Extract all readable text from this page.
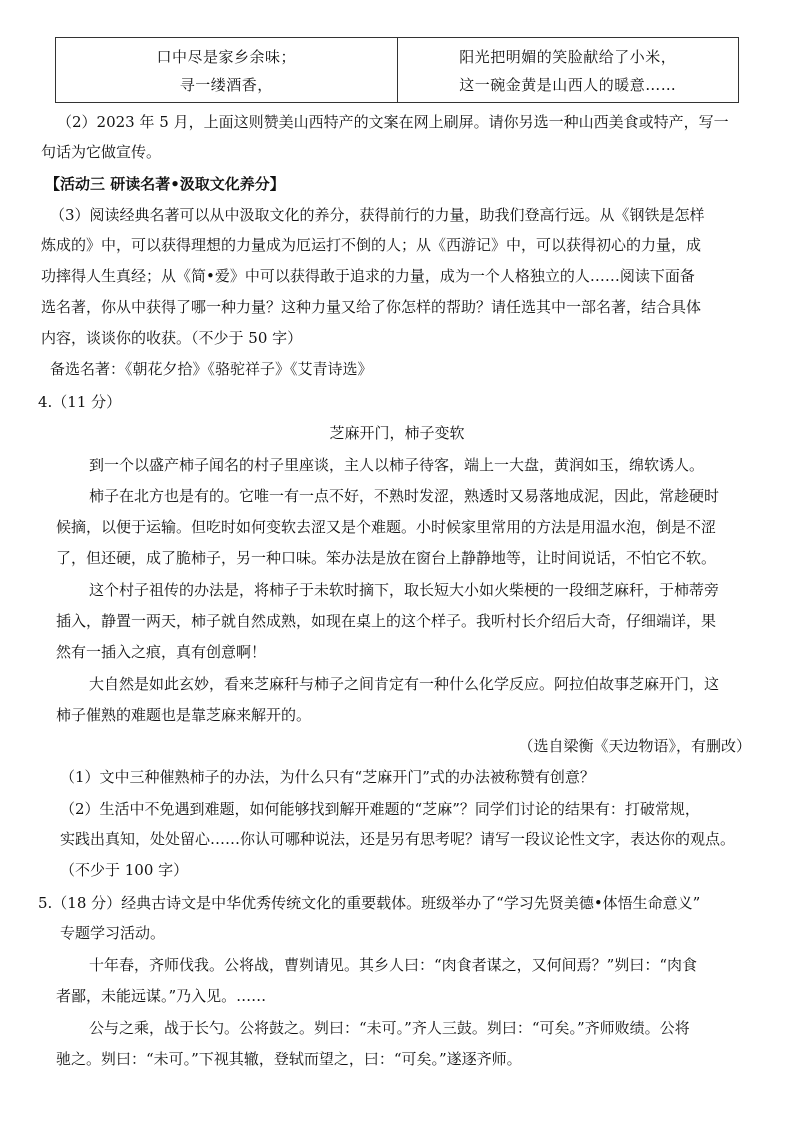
口中尽是家乡余味；
寻一缕酒香，
阳光把明媚的笑脸献给了小米，
这一碗金黄是山西人的暖意……
（2）2023 年 5 月，上面这则赞美山西特产的文案在网上刷屏。请你另选一种山西美食或特产，写一
句话为它做宣传。
【活动三 研读名著•汲取文化养分】
（3）阅读经典名著可以从中汲取文化的养分，获得前行的力量，助我们登高行远。从《钢铁是怎样
炼成的》中，可以获得理想的力量成为厄运打不倒的人；从《西游记》中，可以获得初心的力量，成
功摔得人生真经；从《简•爱》中可以获得敢于追求的力量，成为一个人格独立的人……阅读下面备
选名著，你从中获得了哪一种力量？这种力量又给了你怎样的帮助？请任选其中一部名著，结合具体
内容，谈谈你的收获。（不少于 50 字）
备选名著：《朝花夕拾》《骆驼祥子》《艾青诗选》
4.（11 分）
芝麻开门，柿子变软
到一个以盛产柿子闻名的村子里座谈，主人以柿子待客，端上一大盘，黄润如玉，绵软诱人。
柿子在北方也是有的。它唯一有一点不好，不熟时发涩，熟透时又易落地成泥，因此，常趁硬时
候摘，以便于运输。但吃时如何变软去涩又是个难题。小时候家里常用的方法是用温水泡，倒是不涩
了，但还硬，成了脆柿子，另一种口味。笨办法是放在窗台上静静地等，让时间说话，不怕它不软。
这个村子祖传的办法是，将柿子于未软时摘下，取长短大小如火柴梗的一段细芝麻秆，于柿蒂旁
插入，静置一两天，柿子就自然成熟，如现在桌上的这个样子。我听村长介绍后大奇，仔细端详，果
然有一插入之痕，真有创意啊！
大自然是如此玄妙，看来芝麻秆与柿子之间肯定有一种什么化学反应。阿拉伯故事芝麻开门，这
柿子催熟的难题也是靠芝麻来解开的。
（选自梁衡《天边物语》，有删改）
（1）文中三种催熟柿子的办法，为什么只有“芝麻开门”式的办法被称赞有创意？
（2）生活中不免遇到难题，如何能够找到解开难题的“芝麻”？同学们讨论的结果有：打破常规，
实践出真知，处处留心……你认可哪种说法，还是另有思考呢？请写一段议论性文字，表达你的观点。
（不少于 100 字）
5.（18 分）经典古诗文是中华优秀传统文化的重要载体。班级举办了“学习先贤美德•体悟生命意义”
专题学习活动。
十年春，齐师伐我。公将战，曹刿请见。其乡人曰：“肉食者谋之，又何间焉？”刿曰：“肉食
者鄙，未能远谋。”乃入见。……
公与之乘，战于长勺。公将鼓之。刿曰：“未可。”齐人三鼓。刿曰：“可矣。”齐师败绩。公将
驰之。刿曰：“未可。”下视其辙，登轼而望之，曰：“可矣。”遂逐齐师。
